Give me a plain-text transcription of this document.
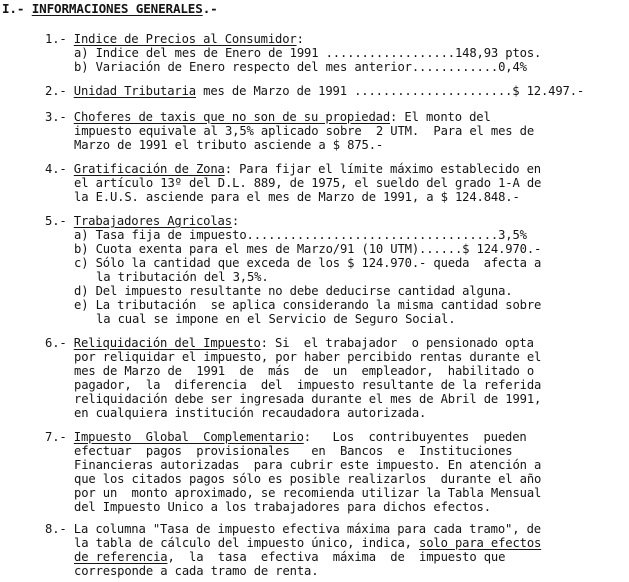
I.- INFORMACIONES GENERALES.-
1.- Indice de Precios al Consumidor:
a) Indice del mes de Enero de 1991 ..................148,93 ptos.
b) Variación de Enero respecto del mes anterior............0,4%
2.- Unidad Tributaria mes de Marzo de 1991 ......................$ 12.497.-
3.- Choferes de taxis que no son de su propiedad: El monto del
impuesto equivale al 3,5% aplicado sobre  2 UTM.  Para el mes de
Marzo de 1991 el tributo asciende a $ 875.-
4.- Gratificación de Zona: Para fijar el límite máximo establecido en
el artículo 13º del D.L. 889, de 1975, el sueldo del grado 1-A de
la E.U.S. asciende para el mes de Marzo de 1991, a $ 124.848.-
5.- Trabajadores Agricolas:
a) Tasa fija de impuesto...................................3,5%
b) Cuota exenta para el mes de Marzo/91 (10 UTM)......$ 124.970.-
c) Sólo la cantidad que exceda de los $ 124.970.- queda  afecta a
la tributación del 3,5%.
d) Del impuesto resultante no debe deducirse cantidad alguna.
e) La tributación  se aplica considerando la misma cantidad sobre
la cual se impone en el Servicio de Seguro Social.
6.- Reliquidación del Impuesto: Si  el trabajador  o pensionado opta
por reliquidar el impuesto, por haber percibido rentas durante el
mes de Marzo de  1991  de  más  de  un  empleador,  habilitado o
pagador,  la  diferencia  del  impuesto resultante de la referida
reliquidación debe ser ingresada durante el mes de Abril de 1991,
en cualquiera institución recaudadora autorizada.
7.- Impuesto  Global  Complementario:   Los  contribuyentes  pueden
efectuar  pagos  provisionales   en  Bancos  e  Instituciones
Financieras autorizadas  para cubrir este impuesto. En atención a
que los citados pagos sólo es posible realizarlos  durante el año
por un  monto aproximado, se recomienda utilizar la Tabla Mensual
del Impuesto Unico a los trabajadores para dichos efectos.
8.- La columna "Tasa de impuesto efectiva máxima para cada tramo", de
la tabla de cálculo del impuesto único, indica, solo para efectos
de referencia,  la  tasa  efectiva  máxima  de  impuesto que
corresponde a cada tramo de renta.
